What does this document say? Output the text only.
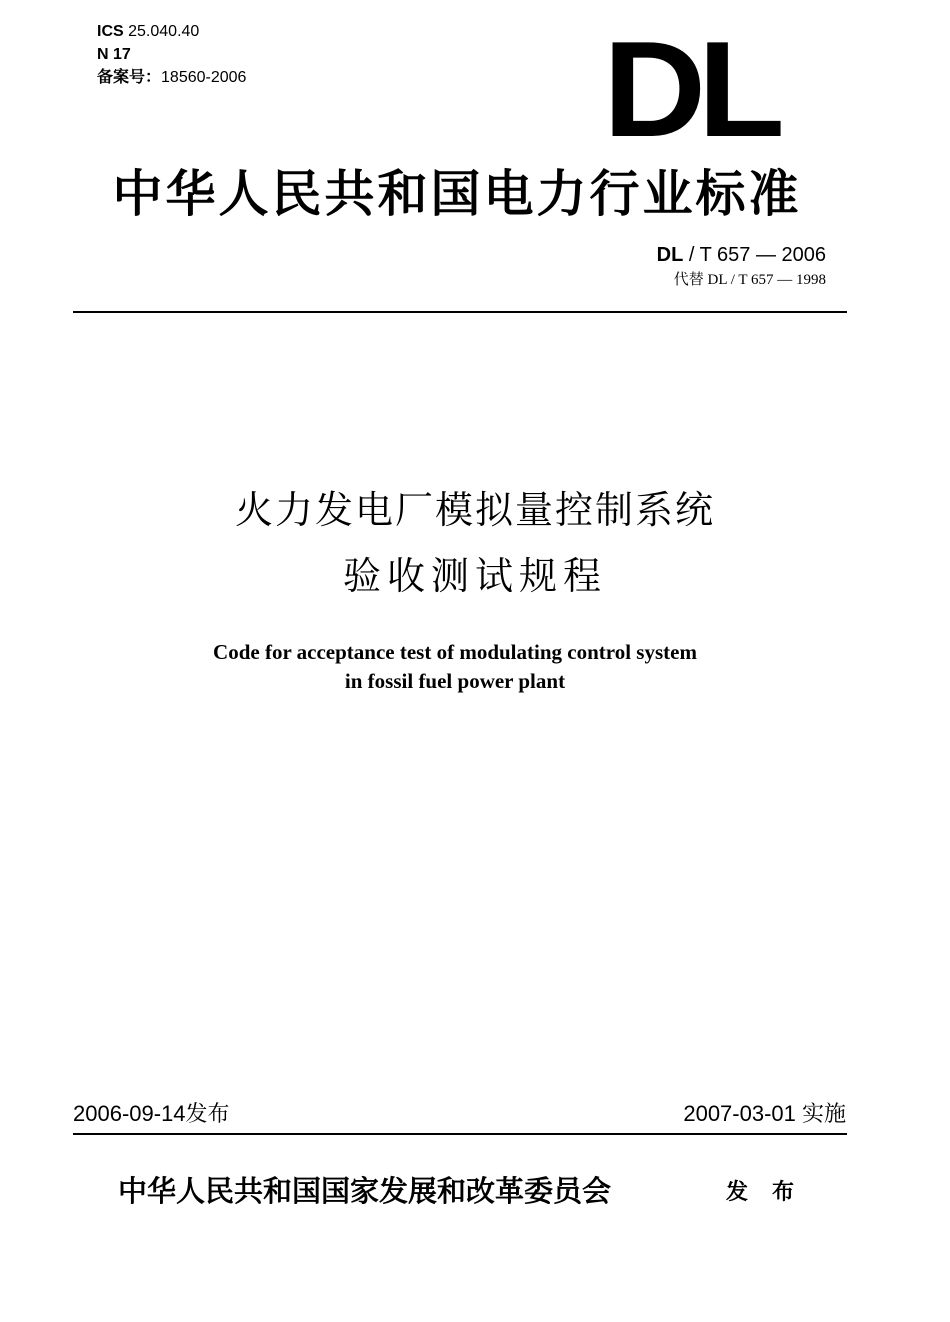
ICS 25.040.40
N 17
备案号：18560-2006	DL
中华人民共和国电力行业标准
DL / T 657 — 2006
代替 DL / T 657 — 1998
火力发电厂模拟量控制系统
验收测试规程
Code for acceptance test of modulating control system
in fossil fuel power plant
2006-09-14发布	2007-03-01 实施
中华人民共和国国家发展和改革委员会	发布
